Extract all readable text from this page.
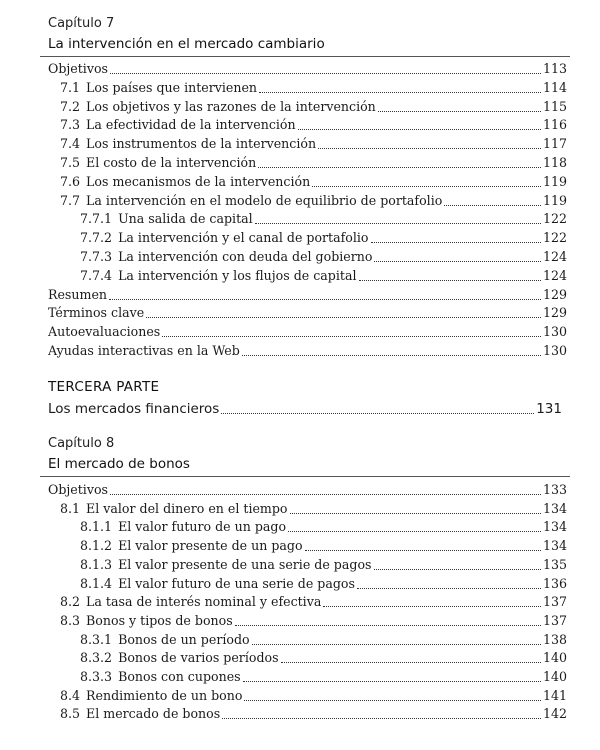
Capítulo 7
La intervención en el mercado cambiario
Objetivos	113
7.1 Los países que intervienen	114
7.2 Los objetivos y las razones de la intervención	115
7.3 La efectividad de la intervención	116
7.4 Los instrumentos de la intervención	117
7.5 El costo de la intervención	118
7.6 Los mecanismos de la intervención	119
7.7 La intervención en el modelo de equilibrio de portafolio	119
7.7.1 Una salida de capital	122
7.7.2 La intervención y el canal de portafolio	122
7.7.3 La intervención con deuda del gobierno	124
7.7.4 La intervención y los flujos de capital	124
Resumen	129
Términos clave	129
Autoevaluaciones	130
Ayudas interactivas en la Web	130
TERCERA PARTE
Los mercados financieros	131
Capítulo 8
El mercado de bonos
Objetivos	133
8.1 El valor del dinero en el tiempo	134
8.1.1 El valor futuro de un pago	134
8.1.2 El valor presente de un pago	134
8.1.3 El valor presente de una serie de pagos	135
8.1.4 El valor futuro de una serie de pagos	136
8.2 La tasa de interés nominal y efectiva	137
8.3 Bonos y tipos de bonos	137
8.3.1 Bonos de un período	138
8.3.2 Bonos de varios períodos	140
8.3.3 Bonos con cupones	140
8.4 Rendimiento de un bono	141
8.5 El mercado de bonos	142
